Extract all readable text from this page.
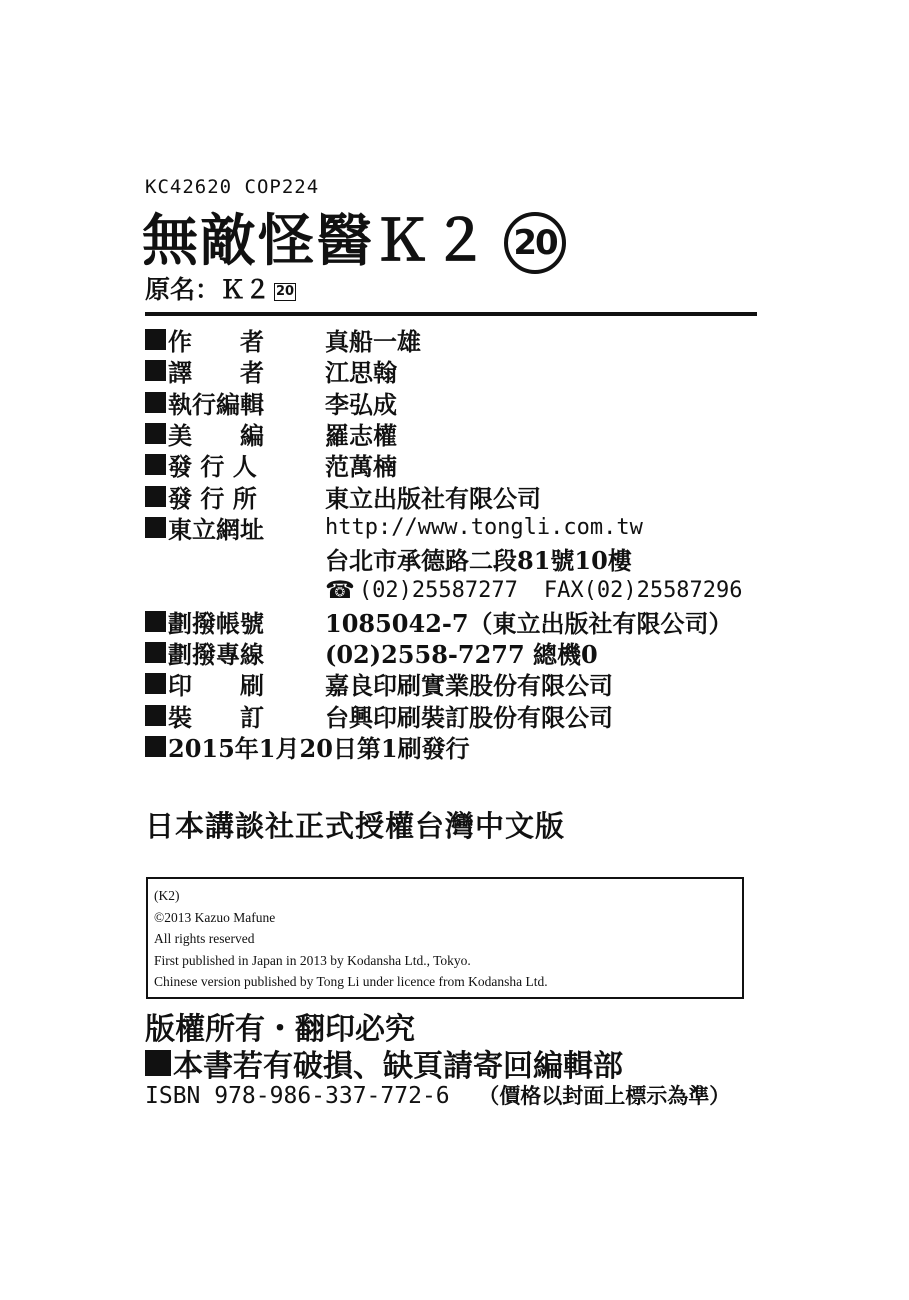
KC42620 COP224
無敵怪醫Ｋ２ 20
原名：Ｋ２ 20
作　　者	真船一雄
譯　　者	江思翰
執行編輯	李弘成
美　　編	羅志權
發 行 人	范萬楠
發 行 所	東立出版社有限公司
東立網址	http://www.tongli.com.tw
台北市承德路二段81號10樓
☎ (02)25587277 FAX(02)25587296
劃撥帳號	1085042-7（東立出版社有限公司）
劃撥專線	(02)2558-7277 總機0
印　　刷	嘉良印刷實業股份有限公司
裝　　訂	台興印刷裝訂股份有限公司
2015年1月20日第1刷發行
日本講談社正式授權台灣中文版
(K2)
©2013 Kazuo Mafune
All rights reserved
First published in Japan in 2013 by Kodansha Ltd., Tokyo.
Chinese version published by Tong Li under licence from Kodansha Ltd.
版權所有・翻印必究
本書若有破損、缺頁請寄回編輯部
ISBN 978-986-337-772-6 （價格以封面上標示為準）
